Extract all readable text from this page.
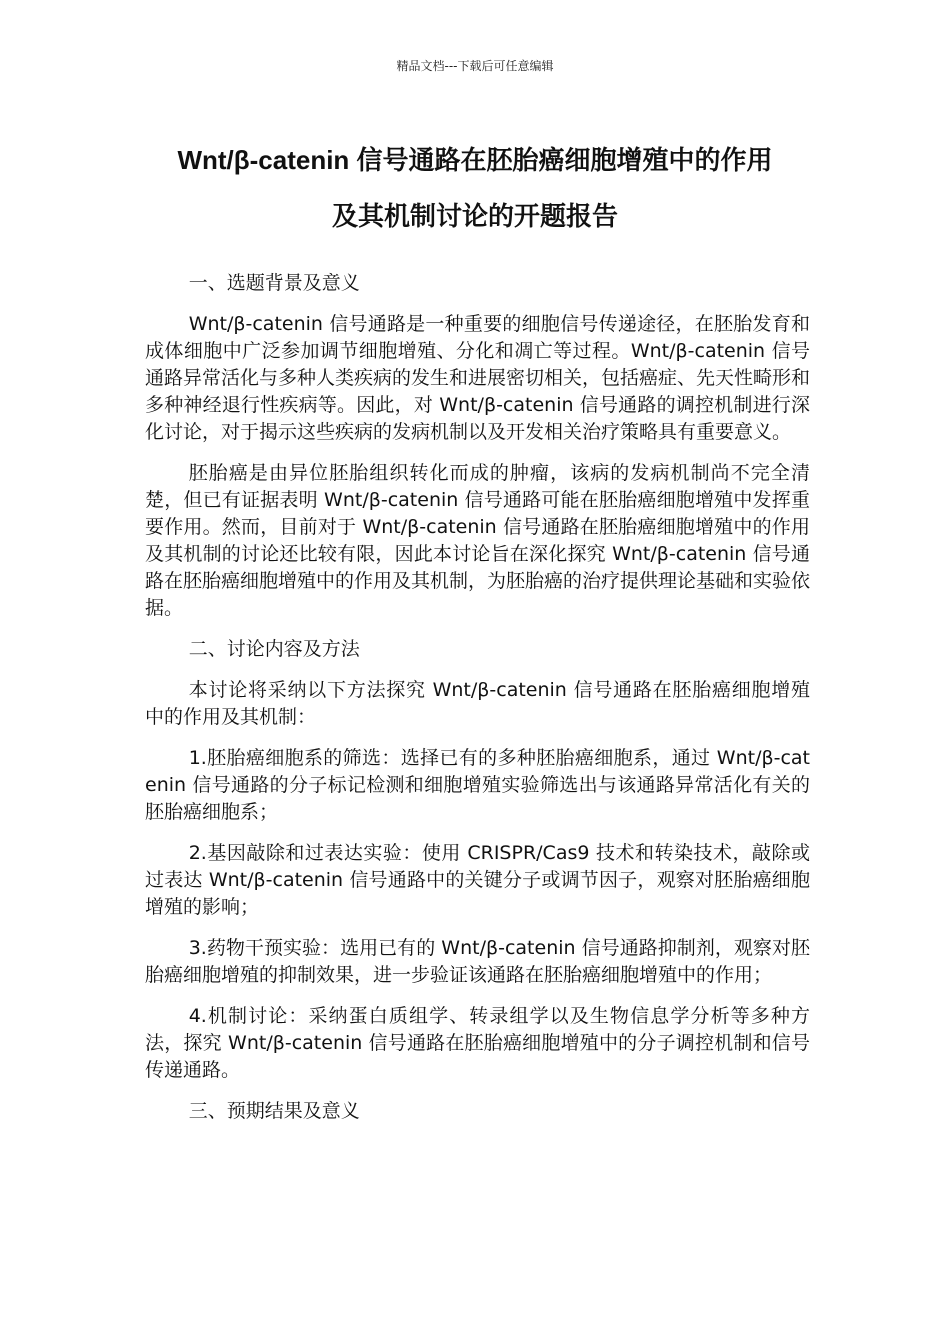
精品文档---下载后可任意编辑
Wnt/β-catenin 信号通路在胚胎癌细胞增殖中的作用
及其机制讨论的开题报告

一、选题背景及意义

Wnt/β-catenin 信号通路是一种重要的细胞信号传递途径，在胚胎发育和成体细胞中广泛参加调节细胞增殖、分化和凋亡等过程。Wnt/β-catenin 信号通路异常活化与多种人类疾病的发生和进展密切相关，包括癌症、先天性畸形和多种神经退行性疾病等。因此，对 Wnt/β-catenin 信号通路的调控机制进行深化讨论，对于揭示这些疾病的发病机制以及开发相关治疗策略具有重要意义。

胚胎癌是由异位胚胎组织转化而成的肿瘤，该病的发病机制尚不完全清楚，但已有证据表明 Wnt/β-catenin 信号通路可能在胚胎癌细胞增殖中发挥重要作用。然而，目前对于 Wnt/β-catenin 信号通路在胚胎癌细胞增殖中的作用及其机制的讨论还比较有限，因此本讨论旨在深化探究 Wnt/β-catenin 信号通路在胚胎癌细胞增殖中的作用及其机制，为胚胎癌的治疗提供理论基础和实验依据。

二、讨论内容及方法

本讨论将采纳以下方法探究 Wnt/β-catenin 信号通路在胚胎癌细胞增殖中的作用及其机制：

1.胚胎癌细胞系的筛选：选择已有的多种胚胎癌细胞系，通过 Wnt/β-catenin 信号通路的分子标记检测和细胞增殖实验筛选出与该通路异常活化有关的胚胎癌细胞系；

2.基因敲除和过表达实验：使用 CRISPR/Cas9 技术和转染技术，敲除或过表达 Wnt/β-catenin 信号通路中的关键分子或调节因子，观察对胚胎癌细胞增殖的影响；

3.药物干预实验：选用已有的 Wnt/β-catenin 信号通路抑制剂，观察对胚胎癌细胞增殖的抑制效果，进一步验证该通路在胚胎癌细胞增殖中的作用；

4.机制讨论：采纳蛋白质组学、转录组学以及生物信息学分析等多种方法，探究 Wnt/β-catenin 信号通路在胚胎癌细胞增殖中的分子调控机制和信号传递通路。

三、预期结果及意义
